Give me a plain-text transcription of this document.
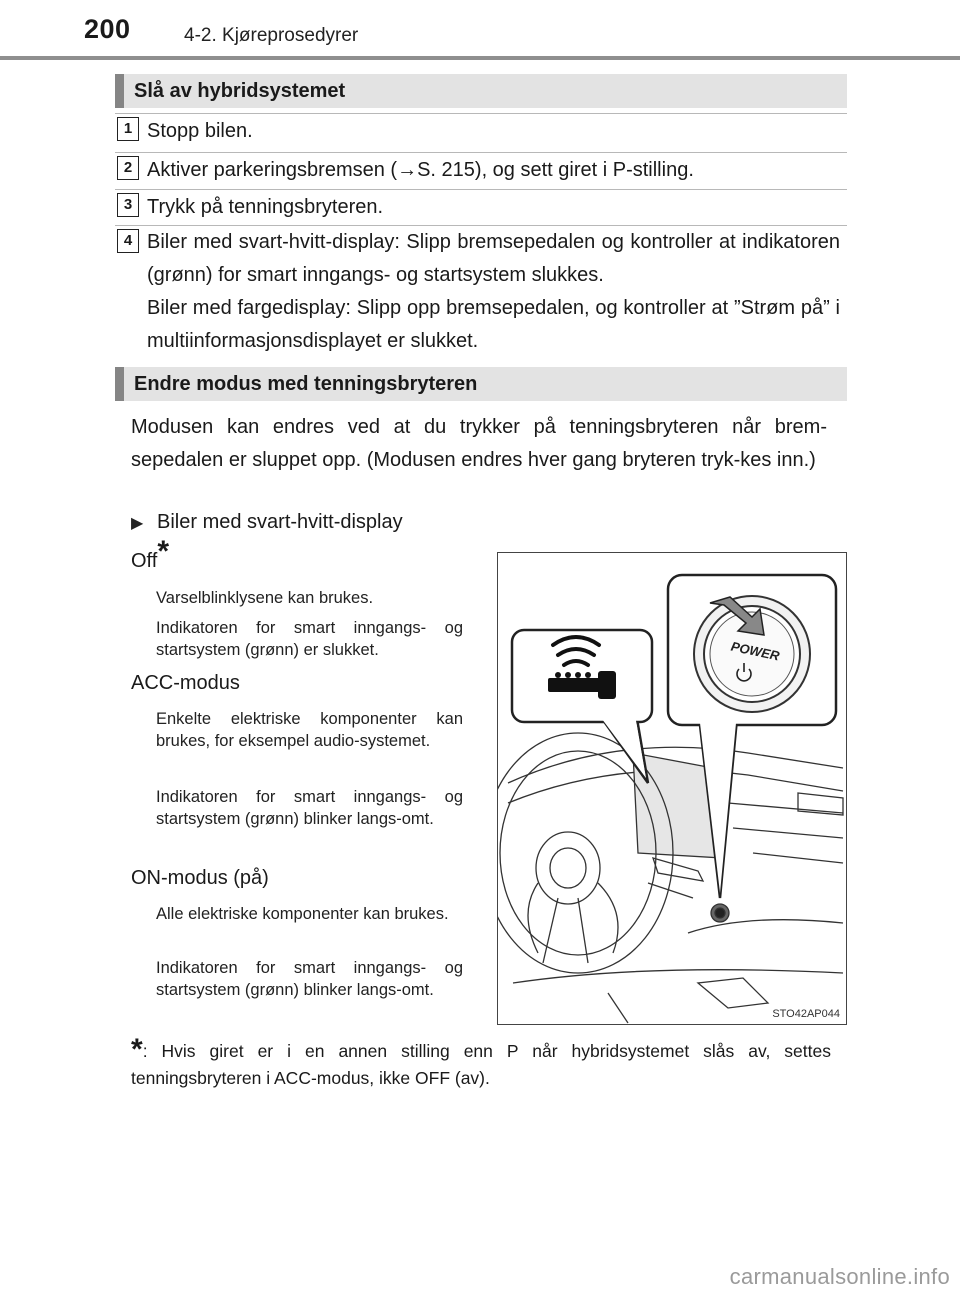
200	4-2. Kjøreprosedyrer
Slå av hybridsystemet
1 Stopp bilen.
2 Aktiver parkeringsbremsen (→S. 215), og sett giret i P-stilling.
3 Trykk på tenningsbryteren.
4 Biler med svart-hvitt-display: Slipp bremsepedalen og kontroller at indikatoren (grønn) for smart inngangs- og startsystem slukkes.
Biler med fargedisplay: Slipp opp bremsepedalen, og kontroller at ”Strøm på” i multiinformasjonsdisplayet er slukket.
Endre modus med tenningsbryteren
Modusen kan endres ved at du trykker på tenningsbryteren når brem-sepedalen er sluppet opp. (Modusen endres hver gang bryteren tryk-kes inn.)
▶ Biler med svart-hvitt-display
Off*
Varselblinklysene kan brukes.
Indikatoren for smart inngangs- og startsystem (grønn) er slukket.
ACC-modus
Enkelte elektriske komponenter kan brukes, for eksempel audio-systemet.
Indikatoren for smart inngangs- og startsystem (grønn) blinker langs-omt.
ON-modus (på)
Alle elektriske komponenter kan brukes.
Indikatoren for smart inngangs- og startsystem (grønn) blinker langs-omt.
POWER
STO42AP044
*: Hvis giret er i en annen stilling enn P når hybridsystemet slås av, settes tenningsbryteren i ACC-modus, ikke OFF (av).
carmanualsonline.info
